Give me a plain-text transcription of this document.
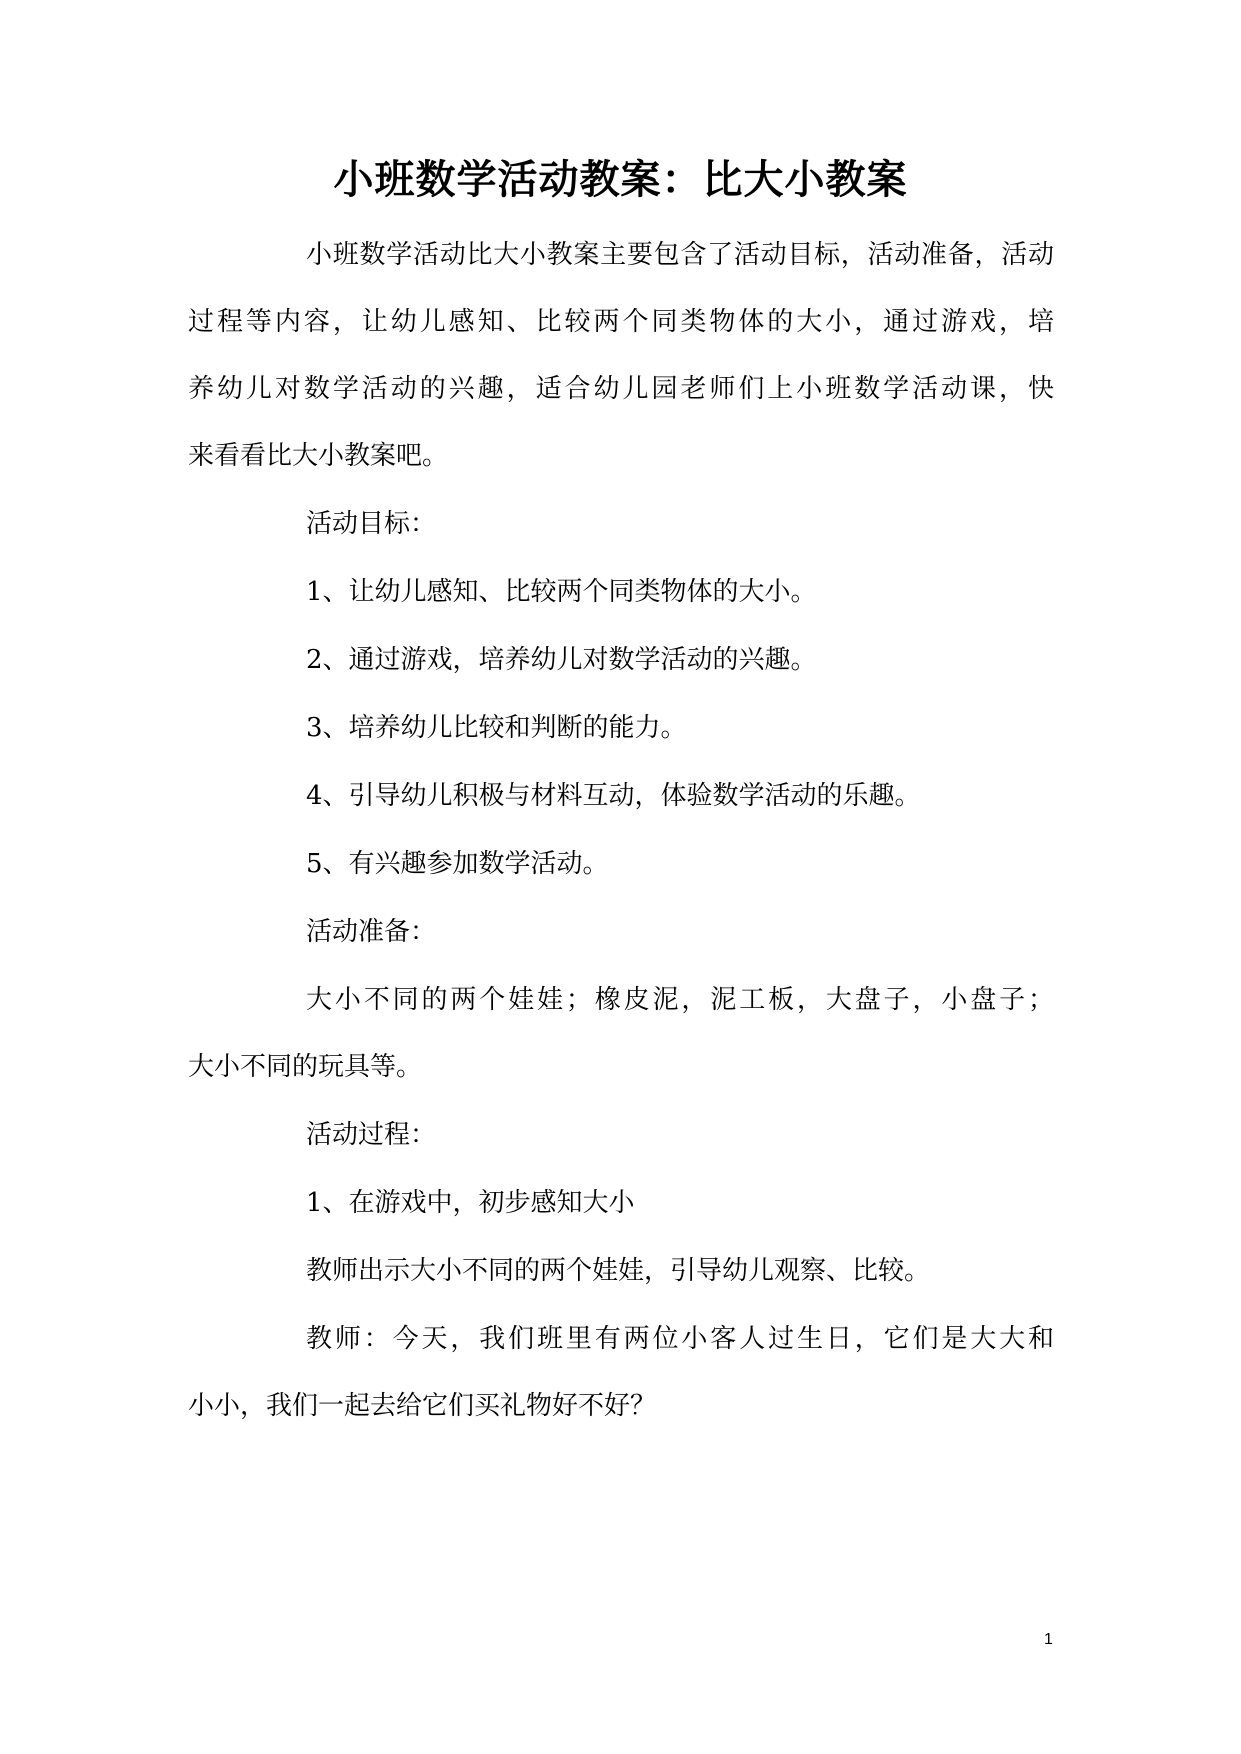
小班数学活动教案：比大小教案
小班数学活动比大小教案主要包含了活动目标，活动准备，活动
过程等内容，让幼儿感知、比较两个同类物体的大小，通过游戏，培
养幼儿对数学活动的兴趣，适合幼儿园老师们上小班数学活动课，快
来看看比大小教案吧。
活动目标：
1、让幼儿感知、比较两个同类物体的大小。
2、通过游戏，培养幼儿对数学活动的兴趣。
3、培养幼儿比较和判断的能力。
4、引导幼儿积极与材料互动，体验数学活动的乐趣。
5、有兴趣参加数学活动。
活动准备：
大小不同的两个娃娃；橡皮泥，泥工板，大盘子，小盘子；
大小不同的玩具等。
活动过程：
1、在游戏中，初步感知大小
教师出示大小不同的两个娃娃，引导幼儿观察、比较。
教师：今天，我们班里有两位小客人过生日，它们是大大和
小小，我们一起去给它们买礼物好不好？
1
